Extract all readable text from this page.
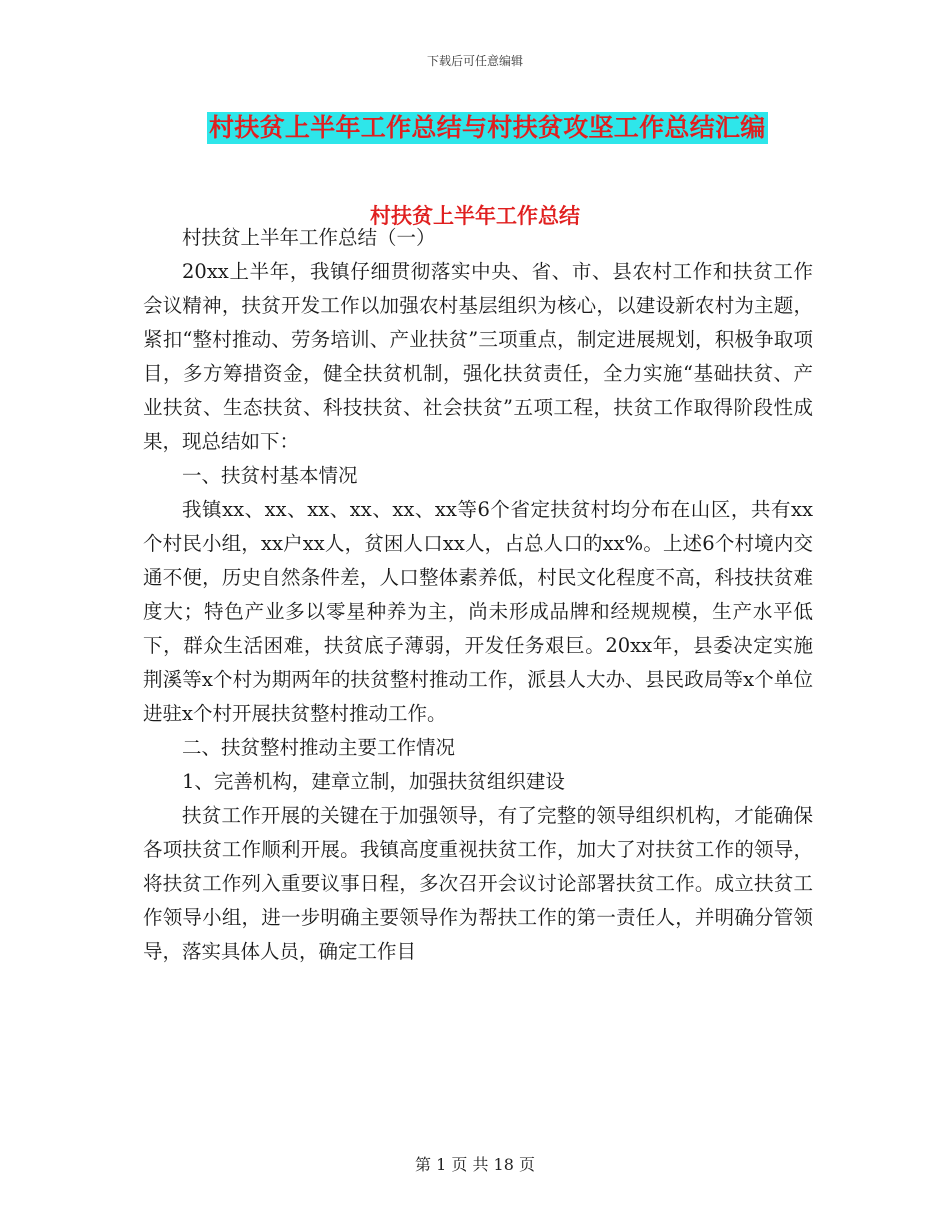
下载后可任意编辑
村扶贫上半年工作总结与村扶贫攻坚工作总结汇编
村扶贫上半年工作总结

村扶贫上半年工作总结（一）

20xx上半年，我镇仔细贯彻落实中央、省、市、县农村工作和扶贫工作会议精神，扶贫开发工作以加强农村基层组织为核心，以建设新农村为主题，紧扣“整村推动、劳务培训、产业扶贫”三项重点，制定进展规划，积极争取项目，多方筹措资金，健全扶贫机制，强化扶贫责任，全力实施“基础扶贫、产业扶贫、生态扶贫、科技扶贫、社会扶贫”五项工程，扶贫工作取得阶段性成果，现总结如下：

一、扶贫村基本情况

我镇xx、xx、xx、xx、xx、xx等6个省定扶贫村均分布在山区，共有xx个村民小组，xx户xx人，贫困人口xx人，占总人口的xx%。上述6个村境内交通不便，历史自然条件差，人口整体素养低，村民文化程度不高，科技扶贫难度大；特色产业多以零星种养为主，尚未形成品牌和经规规模，生产水平低下，群众生活困难，扶贫底子薄弱，开发任务艰巨。20xx年，县委决定实施荆溪等x个村为期两年的扶贫整村推动工作，派县人大办、县民政局等x个单位进驻x个村开展扶贫整村推动工作。

二、扶贫整村推动主要工作情况

1、完善机构，建章立制，加强扶贫组织建设

扶贫工作开展的关键在于加强领导，有了完整的领导组织机构，才能确保各项扶贫工作顺利开展。我镇高度重视扶贫工作，加大了对扶贫工作的领导，将扶贫工作列入重要议事日程，多次召开会议讨论部署扶贫工作。成立扶贫工作领导小组，进一步明确主要领导作为帮扶工作的第一责任人，并明确分管领导，落实具体人员，确定工作目

第 1 页 共 18 页
